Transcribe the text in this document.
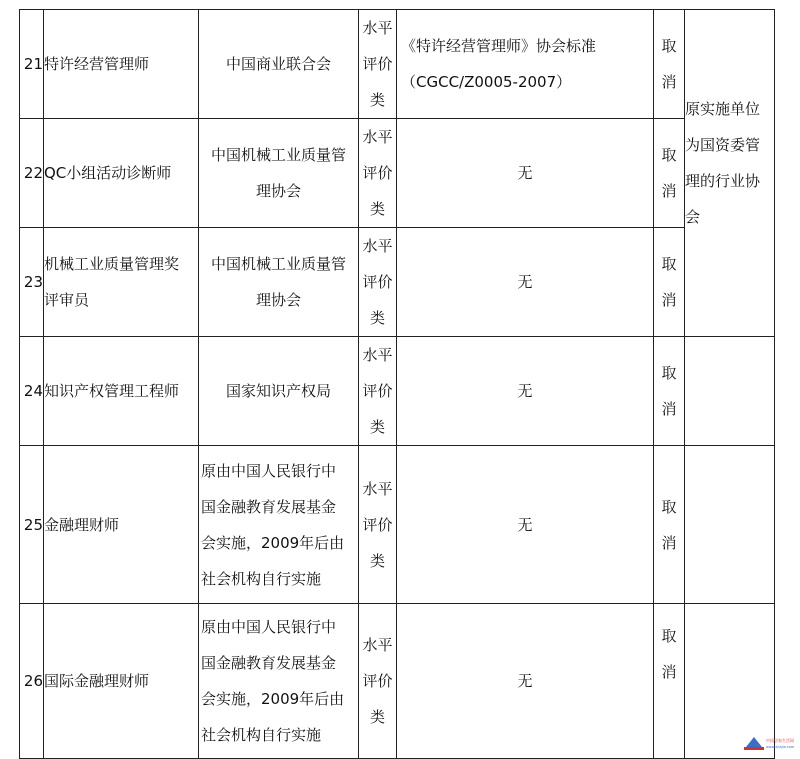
21	特许经营管理师	中国商业联合会	水平
评价
类	《特许经营管理师》协会标准
（CGCC/Z0005-2007）	取
消	

22	QC小组活动诊断师	中国机械工业质量管
理协会	水平
评价
类	无	取
消	原实施单位
为国资委管
理的行业协
会

23	机械工业质量管理奖
评审员	中国机械工业质量管
理协会	水平
评价
类	无	取
消	

24	知识产权管理工程师	国家知识产权局	水平
评价
类	无	取
消	

25	金融理财师	原由中国人民银行中
国金融教育发展基金
会实施，2009年后由
社会机构自行实施	水平
评价
类	无	取
消	

26	国际金融理财师	原由中国人民银行中
国金融教育发展基金
会实施，2009年后由
社会机构自行实施	水平
评价
类	无	取
消	

中国居家生活网
www.ejiajia.com
